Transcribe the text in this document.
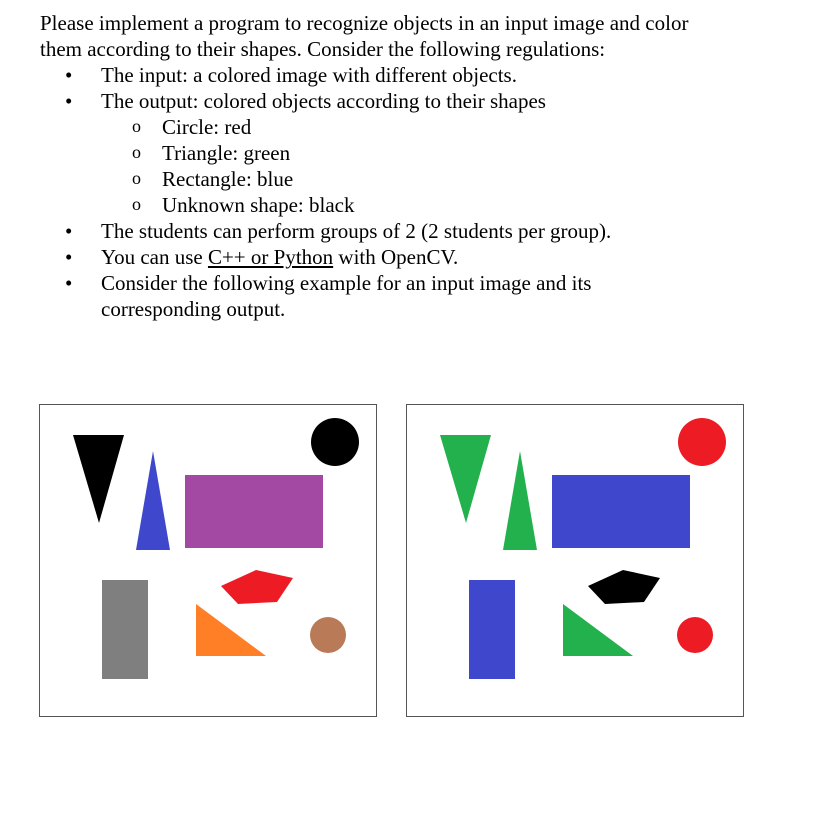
Please implement a program to recognize objects in an input image and color
them according to their shapes. Consider the following regulations:
• The input: a colored image with different objects.
• The output: colored objects according to their shapes
o Circle: red
o Triangle: green
o Rectangle: blue
o Unknown shape: black
• The students can perform groups of 2 (2 students per group).
• You can use C++ or Python with OpenCV.
• Consider the following example for an input image and its
corresponding output.
